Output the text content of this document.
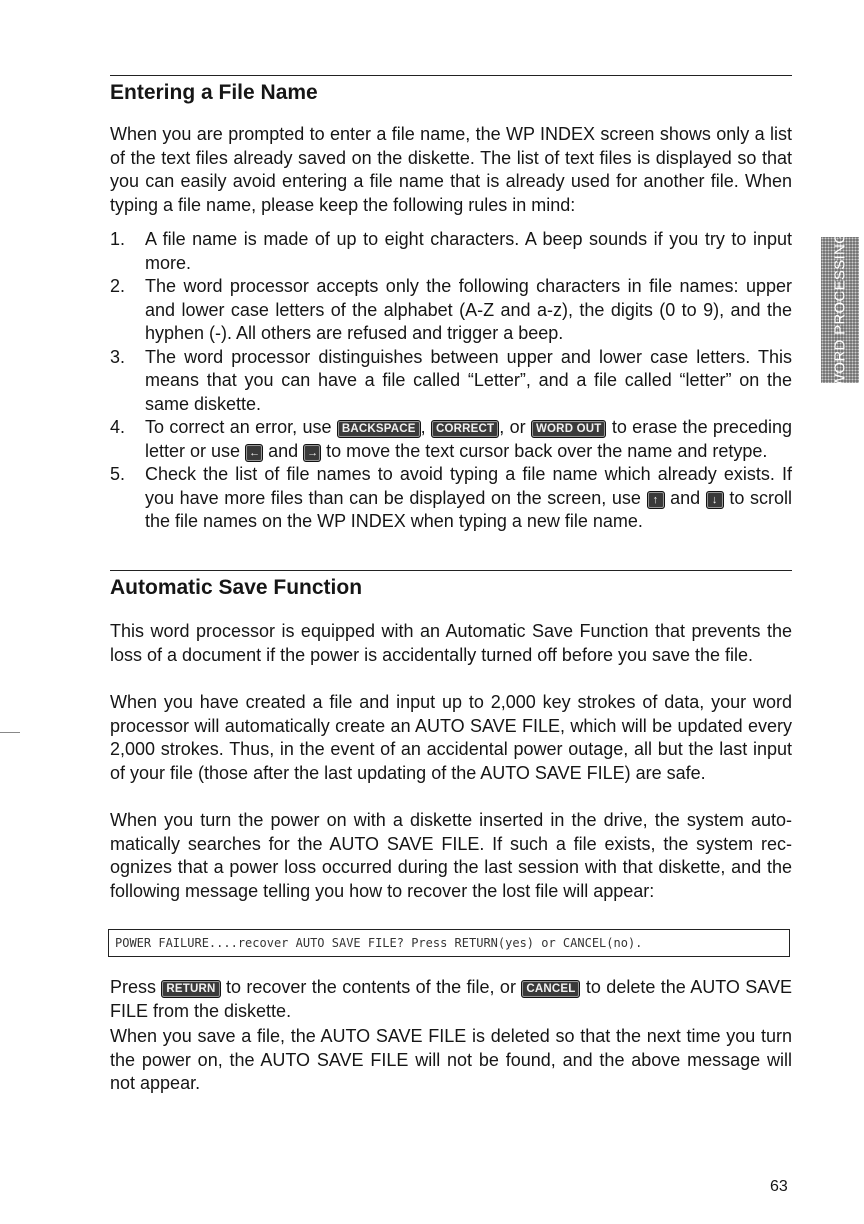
Entering a File Name

When you are prompted to enter a file name, the WP INDEX screen shows only a list of the text files already saved on the diskette. The list of text files is displayed so that you can easily avoid entering a file name that is already used for another file. When typing a file name, please keep the following rules in mind:

1. A file name is made of up to eight characters. A beep sounds if you try to input more.
2. The word processor accepts only the following characters in file names: upper and lower case letters of the alphabet (A-Z and a-z), the digits (0 to 9), and the hyphen (-). All others are refused and trigger a beep.
3. The word processor distinguishes between upper and lower case letters. This means that you can have a file called “Letter”, and a file called “letter” on the same diskette.
4. To correct an error, use BACKSPACE , CORRECT , or WORD OUT to erase the preceding letter or use ← and → to move the text cursor back over the name and retype.
5. Check the list of file names to avoid typing a file name which already exists. If you have more files than can be displayed on the screen, use ↑ and ↓ to scroll the file names on the WP INDEX when typing a new file name.
Automatic Save Function

This word processor is equipped with an Automatic Save Function that prevents the loss of a document if the power is accidentally turned off before you save the file.

When you have created a file and input up to 2,000 key strokes of data, your word processor will automatically create an AUTO SAVE FILE, which will be updated every 2,000 strokes. Thus, in the event of an accidental power outage, all but the last input of your file (those after the last updating of the AUTO SAVE FILE) are safe.

When you turn the power on with a diskette inserted in the drive, the system automatically searches for the AUTO SAVE FILE. If such a file exists, the system recognizes that a power loss occurred during the last session with that diskette, and the following message telling you how to recover the lost file will appear:

POWER FAILURE....recover AUTO SAVE FILE? Press RETURN(yes) or CANCEL(no).

Press RETURN to recover the contents of the file, or CANCEL to delete the AUTO SAVE FILE from the diskette.

When you save a file, the AUTO SAVE FILE is deleted so that the next time you turn the power on, the AUTO SAVE FILE will not be found, and the above message will not appear.

WORD PROCESSING
63
